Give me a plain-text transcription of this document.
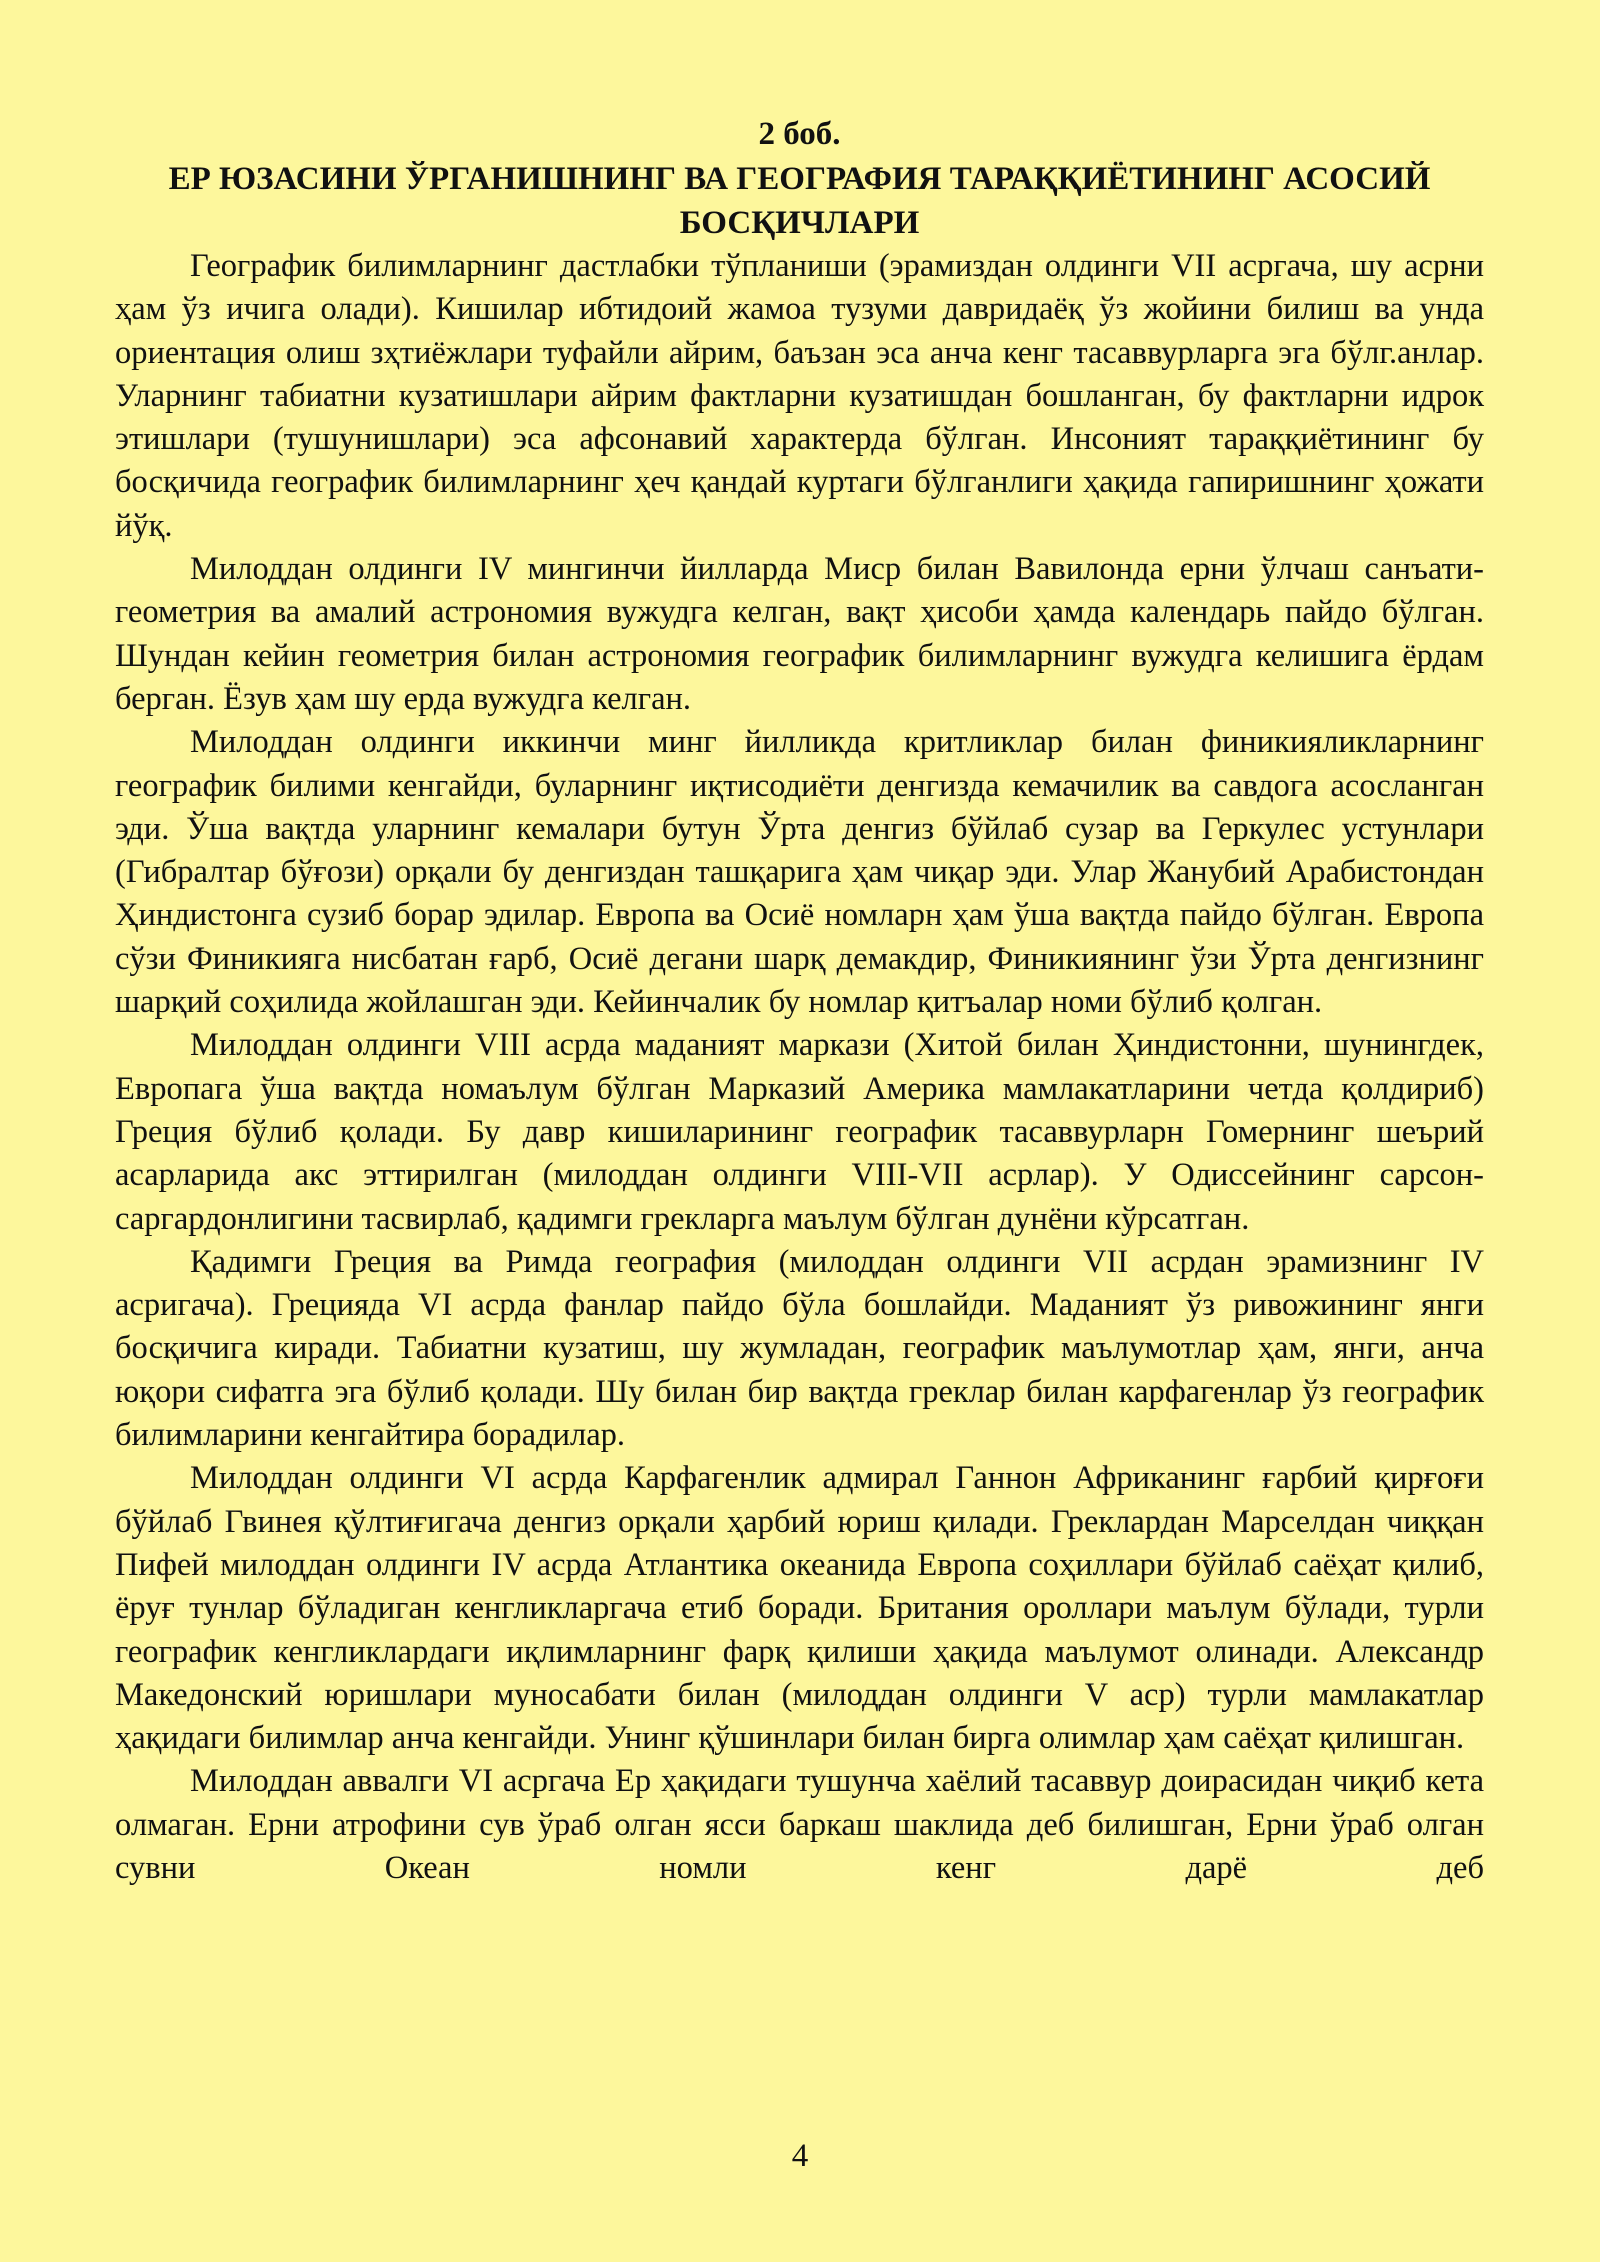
2 боб.
ЕР ЮЗАСИНИ ЎРГАНИШНИНГ ВА ГЕОГРАФИЯ ТАРАҚҚИЁТИНИНГ АСОСИЙ БОСҚИЧЛАРИ

Географик билимларнинг дастлабки тўпланиши (эрамиздан олдинги VII асргача, шу асрни ҳам ўз ичига олади). Кишилар ибтидоий жамоа тузуми давридаёқ ўз жойини билиш ва унда ориентация олиш зҳтиёжлари туфайли айрим, баъзан эса анча кенг тасаввурларга эга бўлг.анлар. Уларнинг табиатни кузатишлари айрим фактларни кузатишдан бошланган, бу фактларни идрок этишлари (тушунишлари) эса афсонавий характерда бўлган. Инсоният тараққиётининг бу босқичида географик билимларнинг ҳеч қандай куртаги бўлганлиги ҳақида гапиришнинг ҳожати йўқ.

Милоддан олдинги IV мингинчи йилларда Миср билан Вавилонда ерни ўлчаш санъати-геометрия ва амалий астрономия вужудга келган, вақт ҳисоби ҳамда календарь пайдо бўлган. Шундан кейин геометрия билан астрономия географик билимларнинг вужудга келишига ёрдам берган. Ёзув ҳам шу ерда вужудга келган.

Милоддан олдинги иккинчи минг йилликда критликлар билан финикияликларнинг географик билими кенгайди, буларнинг иқтисодиёти денгизда кемачилик ва савдога асосланган эди. Ўша вақтда уларнинг кемалари бутун Ўрта денгиз бўйлаб сузар ва Геркулес устунлари (Гибралтар бўғози) орқали бу денгиздан ташқарига ҳам чиқар эди. Улар Жанубий Арабистондан Ҳиндистонга сузиб борар эдилар. Европа ва Осиё номларн ҳам ўша вақтда пайдо бўлган. Европа сўзи Финикияга нисбатан ғарб, Осиё дегани шарқ демакдир, Финикиянинг ўзи Ўрта денгизнинг шарқий соҳилида жойлашган эди. Кейинчалик бу номлар қитъалар номи бўлиб қолган.

Милоддан олдинги VIII асрда маданият маркази (Хитой билан Ҳиндистонни, шунингдек, Европага ўша вақтда номаълум бўлган Марказий Америка мамлакатларини четда қолдириб) Греция бўлиб қолади. Бу давр кишиларининг географик тасаввурларн Гомернинг шеърий асарларида акс эттирилган (милоддан олдинги VIII-VII асрлар). У Одиссейнинг сарсон-саргардонлигини тасвирлаб, қадимги грекларга маълум бўлган дунёни кўрсатган.

Қадимги Греция ва Римда география (милоддан олдинги VII асрдан эрамизнинг IV асригача). Грецияда VI асрда фанлар пайдо бўла бошлайди. Маданият ўз ривожининг янги босқичига киради. Табиатни кузатиш, шу жумладан, географик маълумотлар ҳам, янги, анча юқори сифатга эга бўлиб қолади. Шу билан бир вақтда греклар билан карфагенлар ўз географик билимларини кенгайтира борадилар.

Милоддан олдинги VI асрда Карфагенлик адмирал Ганнон Африканинг ғарбий қирғоғи бўйлаб Гвинея қўлтиғигача денгиз орқали ҳарбий юриш қилади. Греклардан Марселдан чиққан Пифей милоддан олдинги IV асрда Атлантика океанида Европа соҳиллари бўйлаб саёҳат қилиб, ёруғ тунлар бўладиган кенгликларгача етиб боради. Британия ороллари маълум бўлади, турли географик кенгликлардаги иқлимларнинг фарқ қилиши ҳақида маълумот олинади. Александр Македонский юришлари муносабати билан (милоддан олдинги V аср) турли мамлакатлар ҳақидаги билимлар анча кенгайди. Унинг қўшинлари билан бирга олимлар ҳам саёҳат қилишган.

Милоддан аввалги VI асргача Ер ҳақидаги тушунча хаёлий тасаввур доирасидан чиқиб кета олмаган. Ерни атрофини сув ўраб олган ясси баркаш шаклида деб билишган, Ерни ўраб олган сувни Океан номли кенг дарё деб

4
